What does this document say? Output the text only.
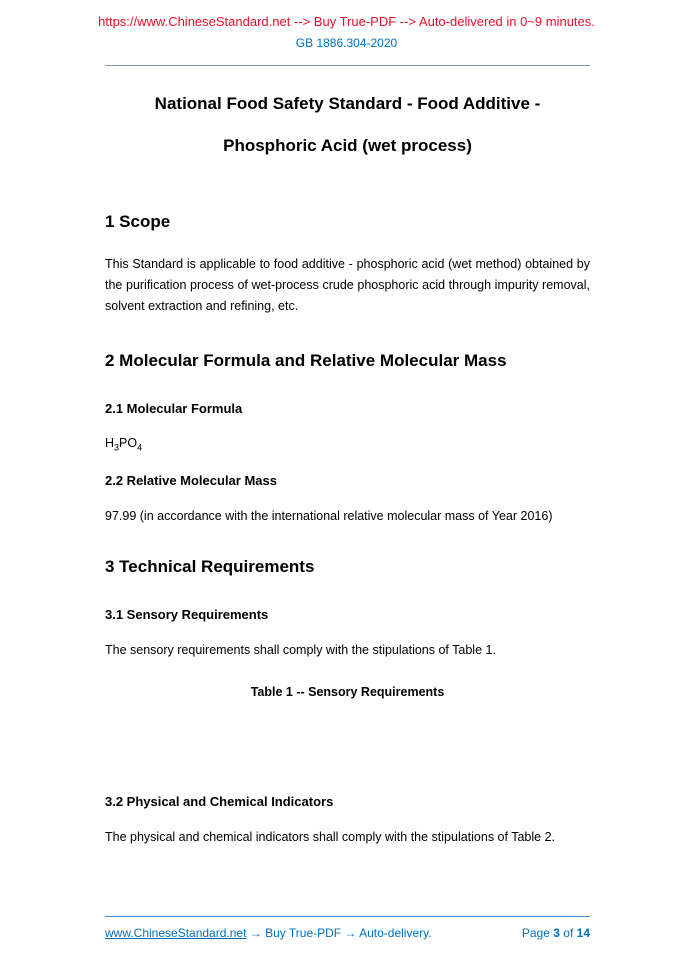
https://www.ChineseStandard.net --> Buy True-PDF --> Auto-delivered in 0~9 minutes.
GB 1886.304-2020
National Food Safety Standard - Food Additive -
Phosphoric Acid (wet process)
1 Scope

This Standard is applicable to food additive - phosphoric acid (wet method) obtained by the purification process of wet-process crude phosphoric acid through impurity removal, solvent extraction and refining, etc.

2 Molecular Formula and Relative Molecular Mass
2.1 Molecular Formula

$H_3PO_4$

2.2 Relative Molecular Mass

97.99 (in accordance with the international relative molecular mass of Year 2016)

3 Technical Requirements
3.1 Sensory Requirements

The sensory requirements shall comply with the stipulations of Table 1.

Table 1 -- Sensory Requirements
3.2 Physical and Chemical Indicators

The physical and chemical indicators shall comply with the stipulations of Table 2.

www.ChineseStandard.net → Buy True-PDF → Auto-delivery.	Page 3 of 14
